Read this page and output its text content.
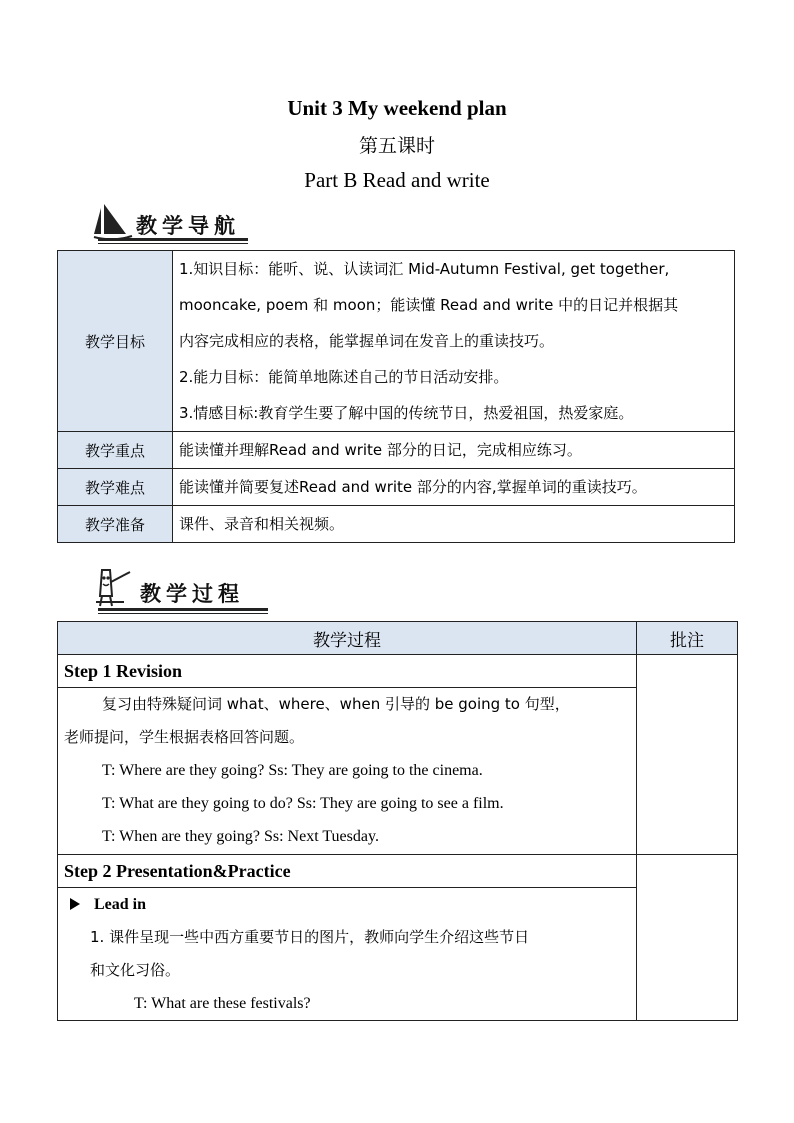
Unit 3 My weekend plan
第五课时
Part B Read and write
教学导航
教学目标	1.知识目标：能听、说、认读词汇 Mid-Autumn Festival, get together,
mooncake, poem 和 moon；能读懂 Read and write 中的日记并根据其
内容完成相应的表格，能掌握单词在发音上的重读技巧。
2.能力目标：能简单地陈述自己的节日活动安排。
3.情感目标:教育学生要了解中国的传统节日，热爱祖国，热爱家庭。

教学重点	能读懂并理解Read and write 部分的日记，完成相应练习。
教学难点	能读懂并简要复述Read and write 部分的内容,掌握单词的重读技巧。
教学准备	课件、录音和相关视频。
教学过程
教学过程	批注
Step 1 Revision	

复习由特殊疑问词 what、where、when 引导的 be going to 句型，
老师提问，学生根据表格回答问题。
T: Where are they going? Ss: They are going to the cinema.
T: What are they going to do? Ss: They are going to see a film.
T: When are they going? Ss: Next Tuesday.	

Step 2 Presentation&Practice	

Lead in
1. 课件呈现一些中西方重要节日的图片，教师向学生介绍这些节日
和文化习俗。
T: What are these festivals?	
